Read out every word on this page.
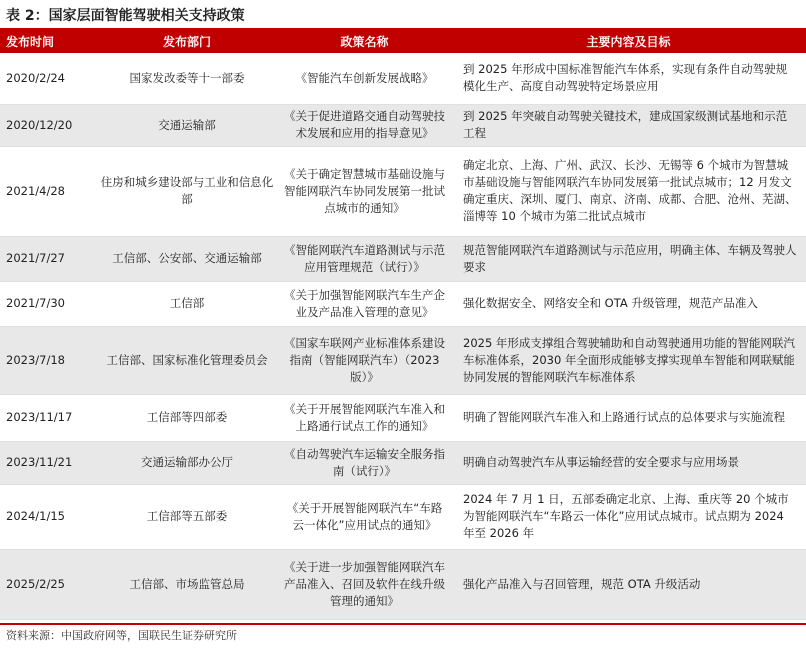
表 2：国家层面智能驾驶相关支持政策
发布时间	发布部门	政策名称	主要内容及目标
2020/2/24	国家发改委等十一部委	《智能汽车创新发展战略》	到 2025 年形成中国标准智能汽车体系，实现有条件自动驾驶规模化生产、高度自动驾驶特定场景应用
2020/12/20	交通运输部	《关于促进道路交通自动驾驶技术发展和应用的指导意见》	到 2025 年突破自动驾驶关键技术，建成国家级测试基地和示范工程
2021/4/28	住房和城乡建设部与工业和信息化部	《关于确定智慧城市基础设施与智能网联汽车协同发展第一批试点城市的通知》	确定北京、上海、广州、武汉、长沙、无锡等 6 个城市为智慧城市基础设施与智能网联汽车协同发展第一批试点城市；12 月发文确定重庆、深圳、厦门、南京、济南、成都、合肥、沧州、芜湖、淄博等 10 个城市为第二批试点城市
2021/7/27	工信部、公安部、交通运输部	《智能网联汽车道路测试与示范应用管理规范（试行）》	规范智能网联汽车道路测试与示范应用，明确主体、车辆及驾驶人要求
2021/7/30	工信部	《关于加强智能网联汽车生产企业及产品准入管理的意见》	强化数据安全、网络安全和 OTA 升级管理，规范产品准入
2023/7/18	工信部、国家标准化管理委员会	《国家车联网产业标准体系建设指南（智能网联汽车）（2023 版）》	2025 年形成支撑组合驾驶辅助和自动驾驶通用功能的智能网联汽车标准体系，2030 年全面形成能够支撑实现单车智能和网联赋能协同发展的智能网联汽车标准体系
2023/11/17	工信部等四部委	《关于开展智能网联汽车准入和上路通行试点工作的通知》	明确了智能网联汽车准入和上路通行试点的总体要求与实施流程
2023/11/21	交通运输部办公厅	《自动驾驶汽车运输安全服务指南（试行）》	明确自动驾驶汽车从事运输经营的安全要求与应用场景
2024/1/15	工信部等五部委	《关于开展智能网联汽车“车路云一体化”应用试点的通知》	2024 年 7 月 1 日，五部委确定北京、上海、重庆等 20 个城市为智能网联汽车“车路云一体化”应用试点城市。试点期为 2024 年至 2026 年
2025/2/25	工信部、市场监管总局	《关于进一步加强智能网联汽车产品准入、召回及软件在线升级管理的通知》	强化产品准入与召回管理，规范 OTA 升级活动
资料来源：中国政府网等，国联民生证券研究所
